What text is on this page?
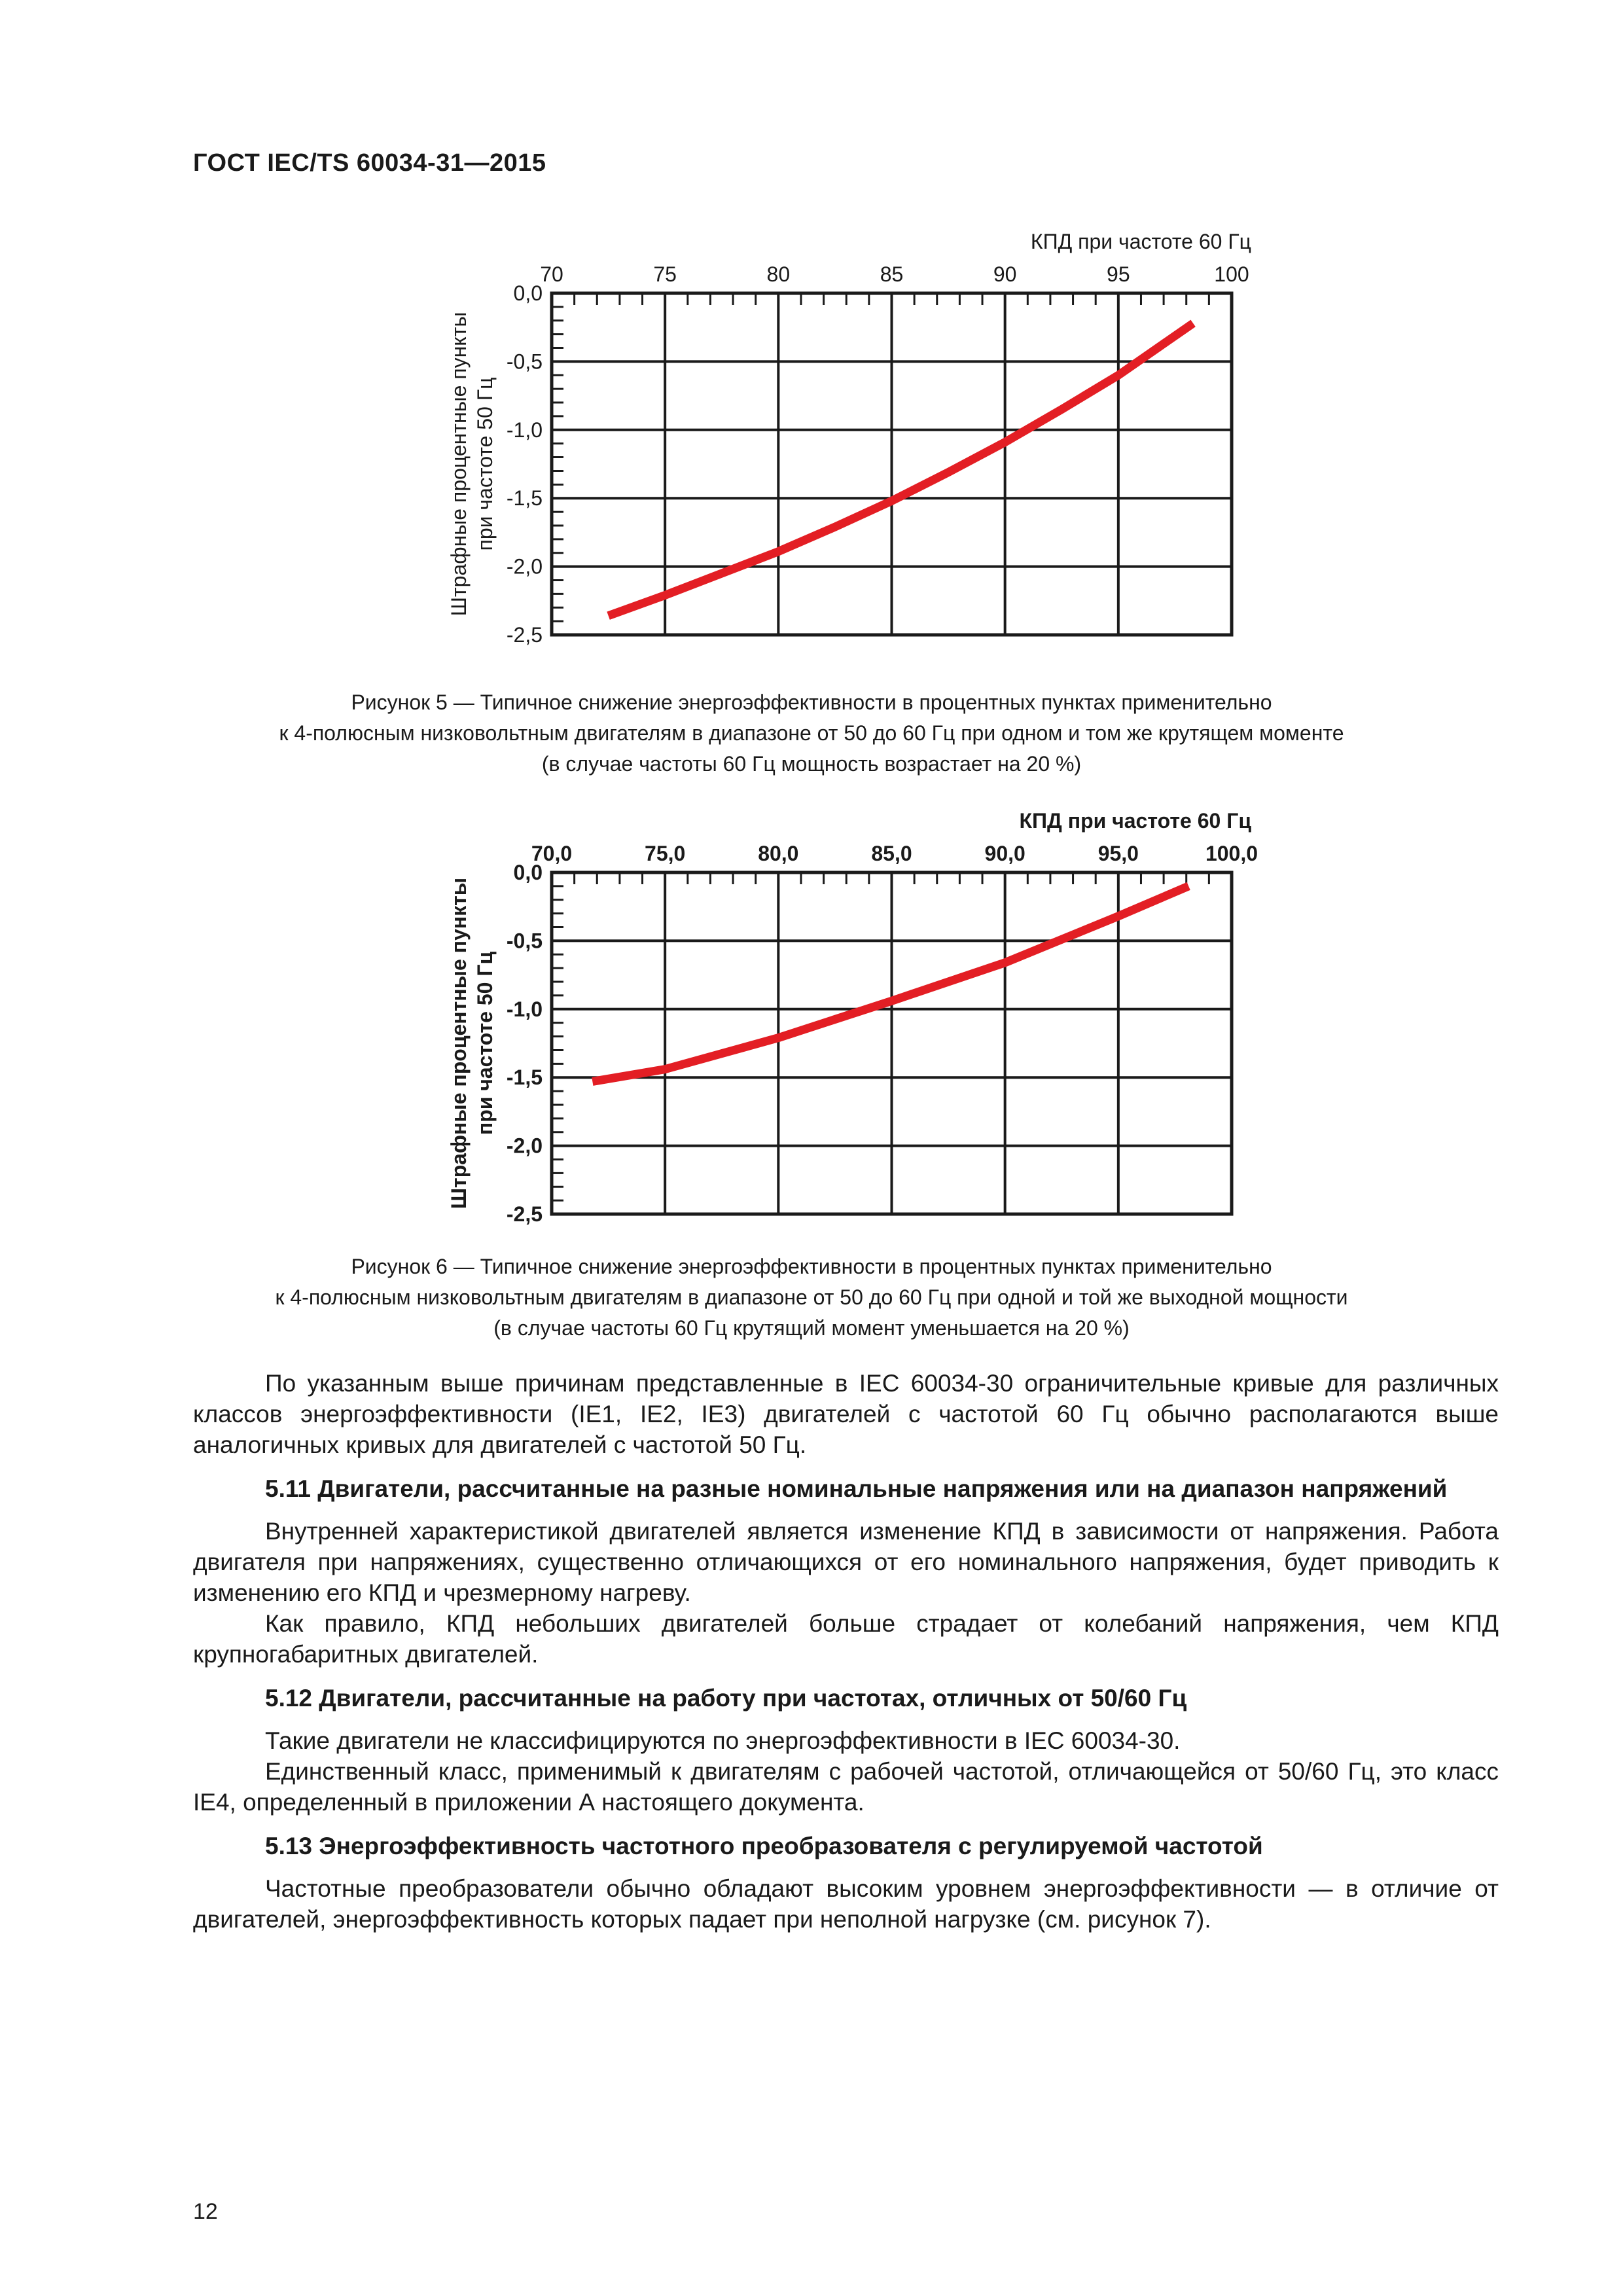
ГОСТ IEC/TS 60034-31—2015
70	75	80	85	90	95	100
0,0
-0,5
-1,0
-1,5
-2,0
-2,5
КПД при частоте 60 Гц
Штрафные процентные пункты при частоте 50 Гц
Рисунок 5 — Типичное снижение энергоэффективности в процентных пунктах применительно
к 4-полюсным низковольтным двигателям в диапазоне от 50 до 60 Гц при одном и том же крутящем моменте
(в случае частоты 60 Гц мощность возрастает на 20 %)
70,0	75,0	80,0	85,0	90,0	95,0	100,0
0,0
-0,5
-1,0
-1,5
-2,0
-2,5
КПД при частоте 60 Гц
Штрафные процентные пункты при частоте 50 Гц
Рисунок 6 — Типичное снижение энергоэффективности в процентных пунктах применительно
к 4-полюсным низковольтным двигателям в диапазоне от 50 до 60 Гц при одной и той же выходной мощности
(в случае частоты 60 Гц крутящий момент уменьшается на 20 %)

По указанным выше причинам представленные в IEC 60034-30 ограничительные кривые для различных классов энергоэффективности (IE1, IE2, IE3) двигателей с частотой 60 Гц обычно располагаются выше аналогичных кривых для двигателей с частотой 50 Гц.

5.11 Двигатели, рассчитанные на разные номинальные напряжения или на диапазон напряжений

Внутренней характеристикой двигателей является изменение КПД в зависимости от напряжения. Работа двигателя при напряжениях, существенно отличающихся от его номинального напряжения, будет приводить к изменению его КПД и чрезмерному нагреву.

Как правило, КПД небольших двигателей больше страдает от колебаний напряжения, чем КПД крупногабаритных двигателей.

5.12 Двигатели, рассчитанные на работу при частотах, отличных от 50/60 Гц

Такие двигатели не классифицируются по энергоэффективности в IEC 60034-30.

Единственный класс, применимый к двигателям с рабочей частотой, отличающейся от 50/60 Гц, это класс IE4, определенный в приложении А настоящего документа.

5.13 Энергоэффективность частотного преобразователя с регулируемой частотой

Частотные преобразователи обычно обладают высоким уровнем энергоэффективности — в отличие от двигателей, энергоэффективность которых падает при неполной нагрузке (см. рисунок 7).

12
